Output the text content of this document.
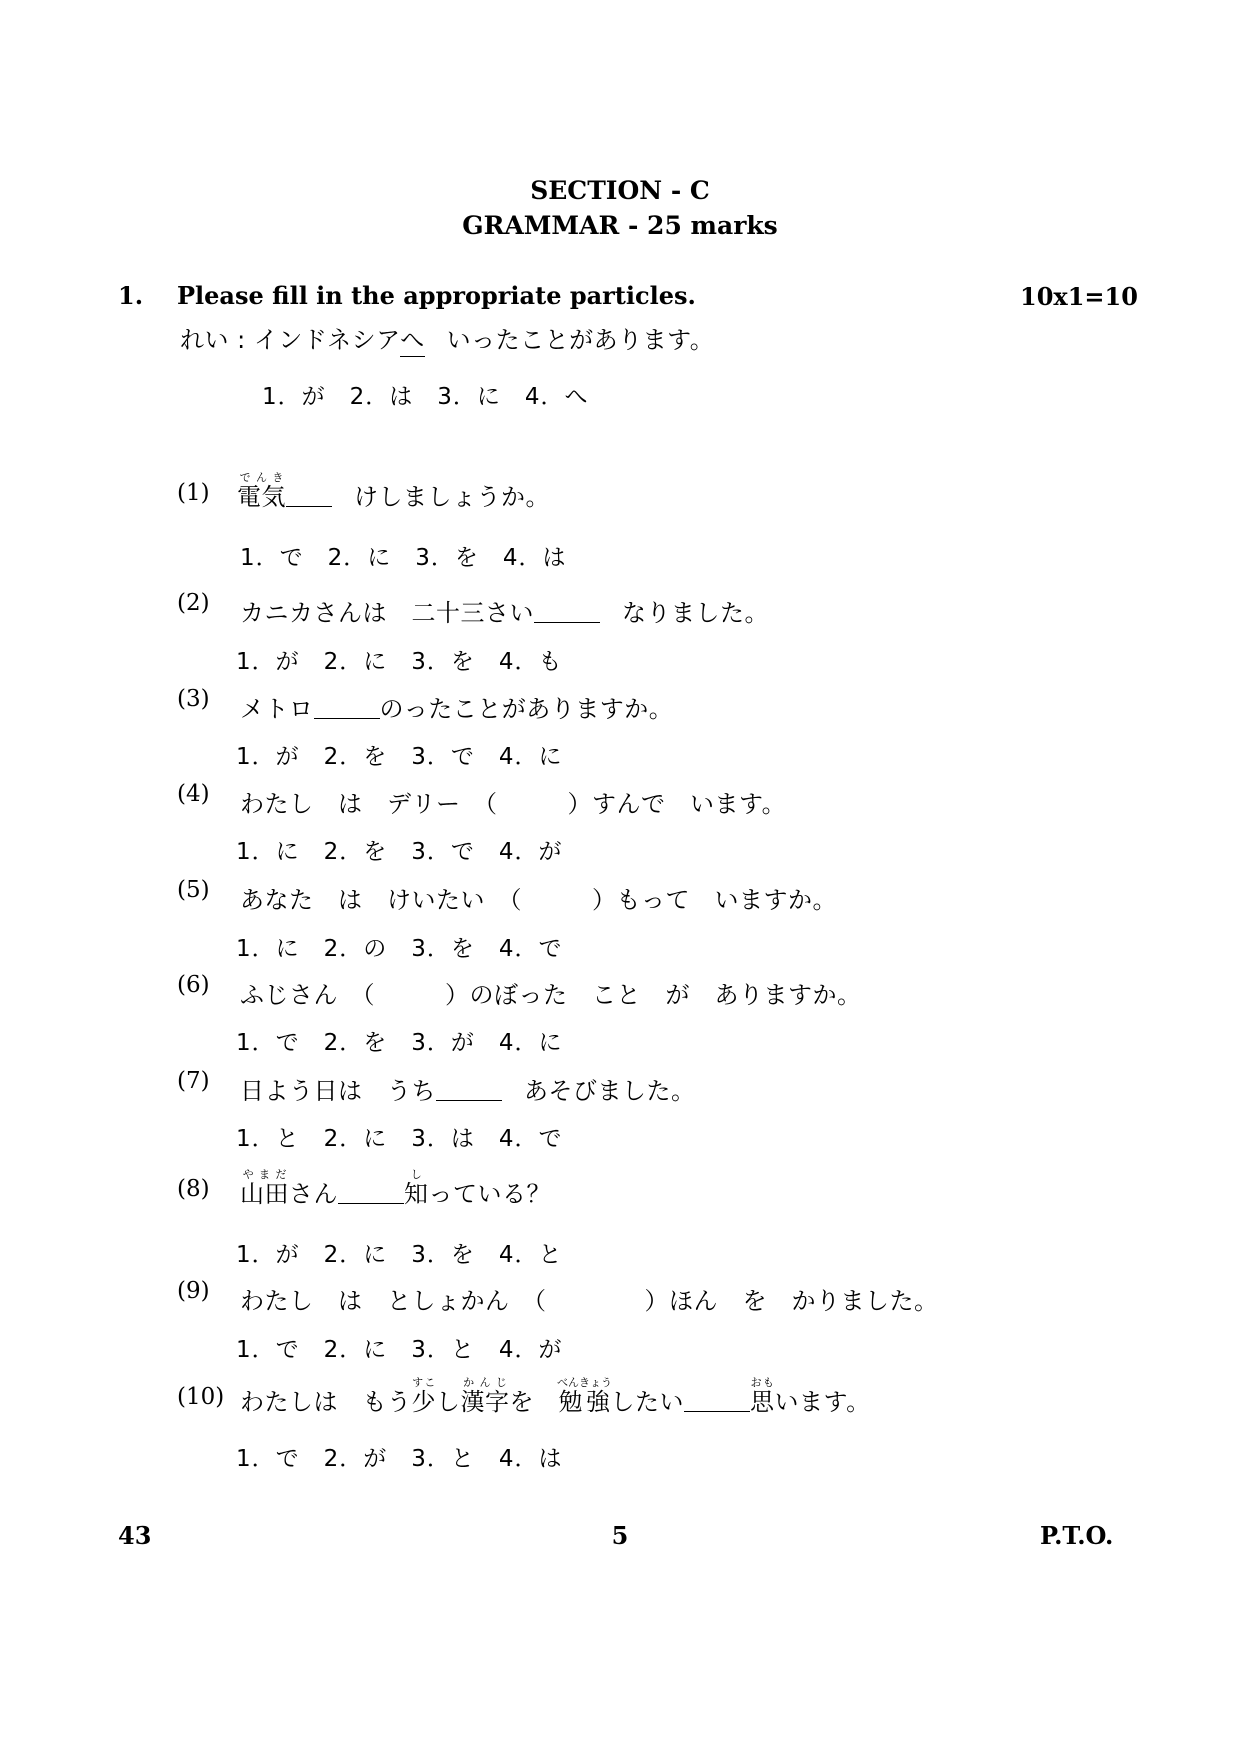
SECTION - C
GRAMMAR - 25 marks
1. Please fill in the appropriate particles.	10x1=10
れい : インドネシアへ いったことがあります。
1．が 2．は 3．に 4．へ
(1) 電気でんきけしましょうか。
1．で 2．に 3．を 4．は
(2) カニカさんは　二十三さい	なりました。
1．が 2．に 3．を 4．も
(3) メトロ	のったことがありますか。
1．が 2．を 3．で 4．に
(4) わたし　は　デリー　（	）すんで　います。
1．に 2．を 3．で 4．が
(5) あなた　は　けいたい　（	）もって　いますか。
1．に 2．の 3．を 4．で
(6) ふじさん　（	）のぼった　こと　が　ありますか。
1．で 2．を 3．が 4．に
(7) 日よう日は　うち	あそびました。
1．と 2．に 3．は 4．で
(8) 山田やまださん	知しっている？
1．が 2．に 3．を 4．と
(9) わたし　は　としょかん　（	）ほん　を　かりました。
1．で 2．に 3．と 4．が
(10) わたしは　もう少すこし漢字かんじを　勉強べんきょうしたい	思おもいます。
1．で 2．が 3．と 4．は
43	5	P.T.O.
